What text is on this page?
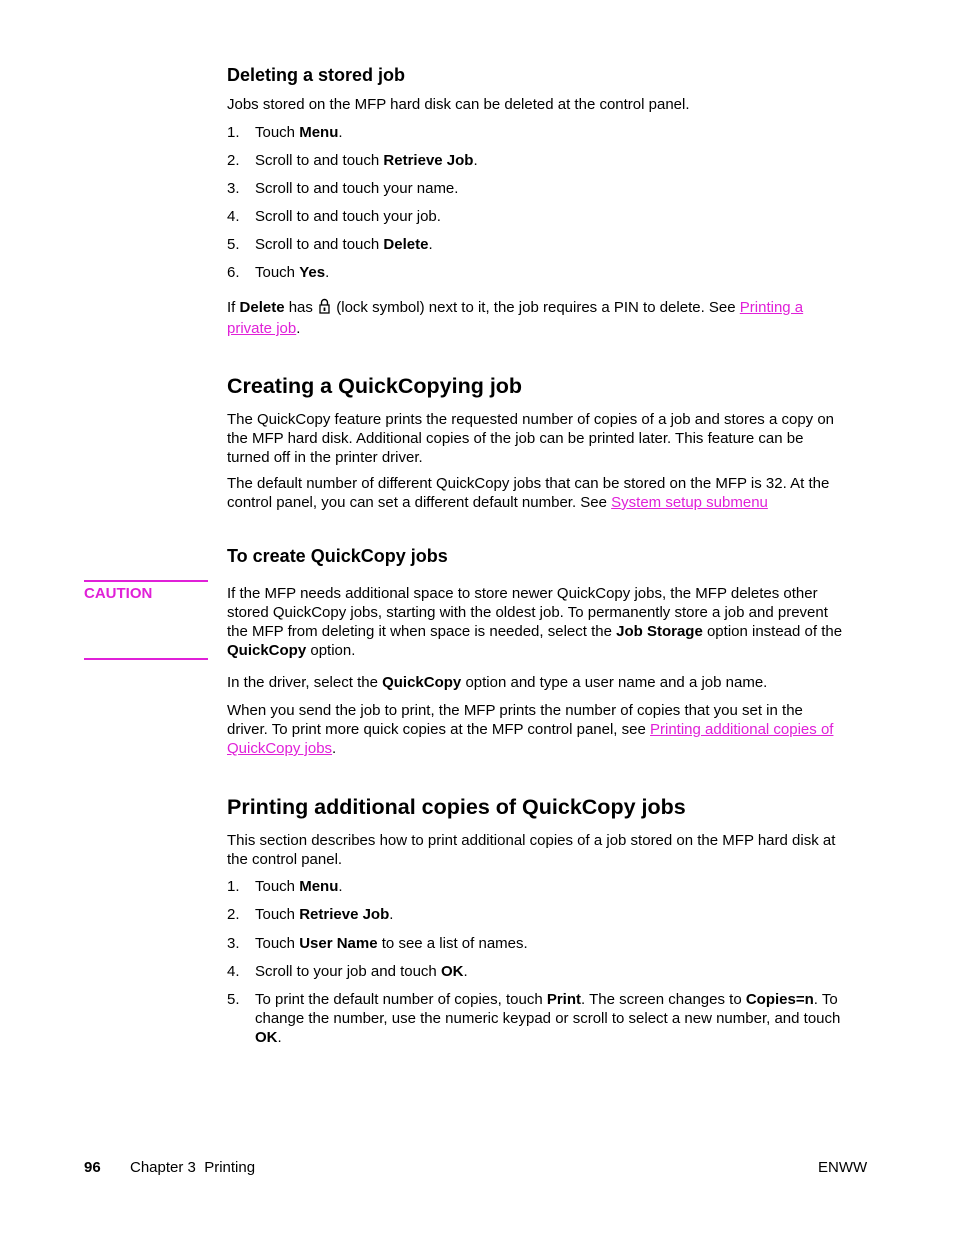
Deleting a stored job
Jobs stored on the MFP hard disk can be deleted at the control panel.
1.	Touch Menu.
2.	Scroll to and touch Retrieve Job.
3.	Scroll to and touch your name.
4.	Scroll to and touch your job.
5.	Scroll to and touch Delete.
6.	Touch Yes.
If Delete has  (lock symbol) next to it, the job requires a PIN to delete. See Printing a
private job.
Creating a QuickCopying job
The QuickCopy feature prints the requested number of copies of a job and stores a copy on
the MFP hard disk. Additional copies of the job can be printed later. This feature can be
turned off in the printer driver.
The default number of different QuickCopy jobs that can be stored on the MFP is 32. At the
control panel, you can set a different default number. See System setup submenu
To create QuickCopy jobs
CAUTION	If the MFP needs additional space to store newer QuickCopy jobs, the MFP deletes other
stored QuickCopy jobs, starting with the oldest job. To permanently store a job and prevent
the MFP from deleting it when space is needed, select the Job Storage option instead of the
QuickCopy option.
In the driver, select the QuickCopy option and type a user name and a job name.
When you send the job to print, the MFP prints the number of copies that you set in the
driver. To print more quick copies at the MFP control panel, see Printing additional copies of
QuickCopy jobs.
Printing additional copies of QuickCopy jobs
This section describes how to print additional copies of a job stored on the MFP hard disk at
the control panel.
1.	Touch Menu.
2.	Touch Retrieve Job.
3.	Touch User Name to see a list of names.
4.	Scroll to your job and touch OK.
5.	To print the default number of copies, touch Print. The screen changes to Copies=n. To
change the number, use the numeric keypad or scroll to select a new number, and touch
OK.
96 Chapter 3  Printing	ENWW
